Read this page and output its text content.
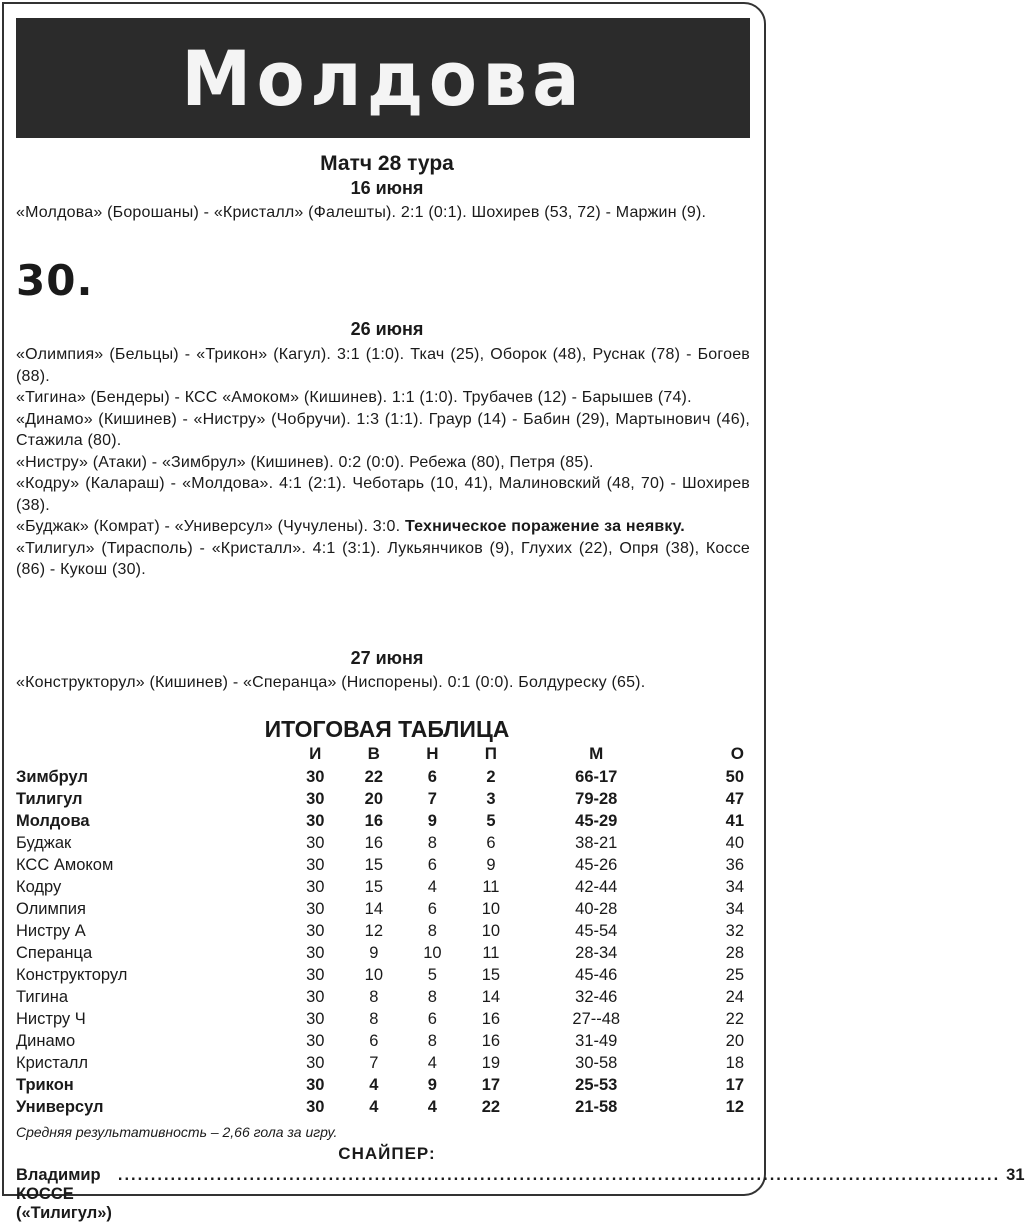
Молдова
Матч 28 тура
16 июня
«Молдова» (Борошаны) - «Кристалл» (Фалешты). 2:1 (0:1). Шохирев (53, 72) - Маржин (9).
30.
26 июня
«Олимпия» (Бельцы) - «Трикон» (Кагул). 3:1 (1:0). Ткач (25), Оборок (48), Руснак (78) - Богоев (88).
«Тигина» (Бендеры) - КСС «Амоком» (Кишинев). 1:1 (1:0). Трубачев (12) - Барышев (74).
«Динамо» (Кишинев) - «Нистру» (Чобручи). 1:3 (1:1). Граур (14) - Бабин (29), Мартынович (46), Стажила (80).
«Нистру» (Атаки) - «Зимбрул» (Кишинев). 0:2 (0:0). Ребежа (80), Петря (85).
«Кодру» (Калараш) - «Молдова». 4:1 (2:1). Чеботарь (10, 41), Малиновский (48, 70) - Шохирев (38).
«Буджак» (Комрат) - «Универсул» (Чучулены). 3:0. Техническое поражение за неявку.
«Тилигул» (Тирасполь) - «Кристалл». 4:1 (3:1). Лукьянчиков (9), Глухих (22), Опря (38), Коссе (86) - Кукош (30).
27 июня
«Конструкторул» (Кишинев) - «Сперанца» (Ниспорены). 0:1 (0:0). Болдуреску (65).
ИТОГОВАЯ ТАБЛИЦА
	И	В	Н	П	М	О
Зимбрул	30	22	6	2	66-17	50
Тилигул	30	20	7	3	79-28	47
Молдова	30	16	9	5	45-29	41
Буджак	30	16	8	6	38-21	40
КСС Амоком	30	15	6	9	45-26	36
Кодру	30	15	4	11	42-44	34
Олимпия	30	14	6	10	40-28	34
Нистру А	30	12	8	10	45-54	32
Сперанца	30	9	10	11	28-34	28
Конструкторул	30	10	5	15	45-46	25
Тигина	30	8	8	14	32-46	24
Нистру Ч	30	8	6	16	27--48	22
Динамо	30	6	8	16	31-49	20
Кристалл	30	7	4	19	30-58	18
Трикон	30	4	9	17	25-53	17
Универсул	30	4	4	22	21-58	12
Средняя результативность – 2,66 гола за игру.
СНАЙПЕР:
Владимир КОССЕ («Тилигул»)
...................................................................................................................................... 31
